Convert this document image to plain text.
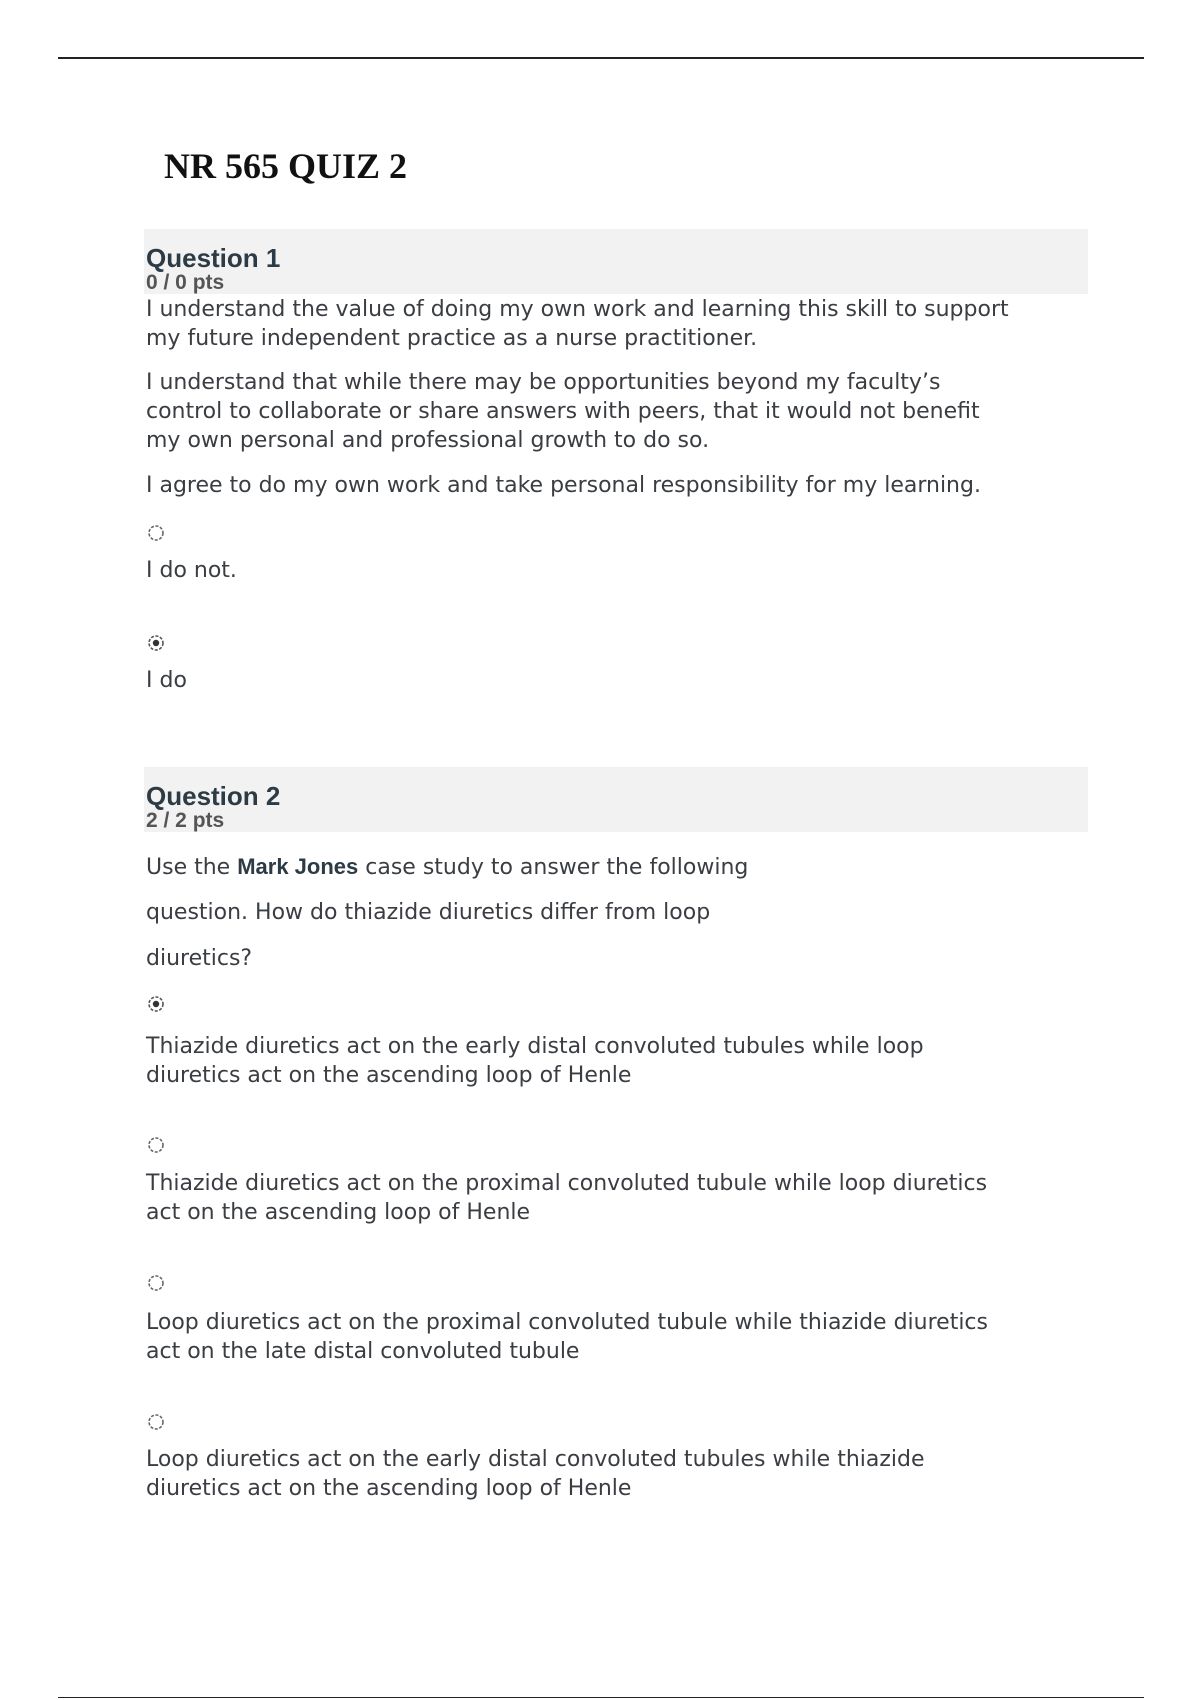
NR 565 QUIZ 2
Question 1
0 / 0 pts

I understand the value of doing my own work and learning this skill to support

my future independent practice as a nurse practitioner.

I understand that while there may be opportunities beyond my faculty’s

control to collaborate or share answers with peers, that it would not benefit

my own personal and professional growth to do so.

I agree to do my own work and take personal responsibility for my learning.

I do not.

I do

Question 2
2 / 2 pts

Use the Mark Jones case study to answer the following

question. How do thiazide diuretics differ from loop

diuretics?

Thiazide diuretics act on the early distal convoluted tubules while loop

diuretics act on the ascending loop of Henle

Thiazide diuretics act on the proximal convoluted tubule while loop diuretics

act on the ascending loop of Henle

Loop diuretics act on the proximal convoluted tubule while thiazide diuretics

act on the late distal convoluted tubule

Loop diuretics act on the early distal convoluted tubules while thiazide

diuretics act on the ascending loop of Henle
